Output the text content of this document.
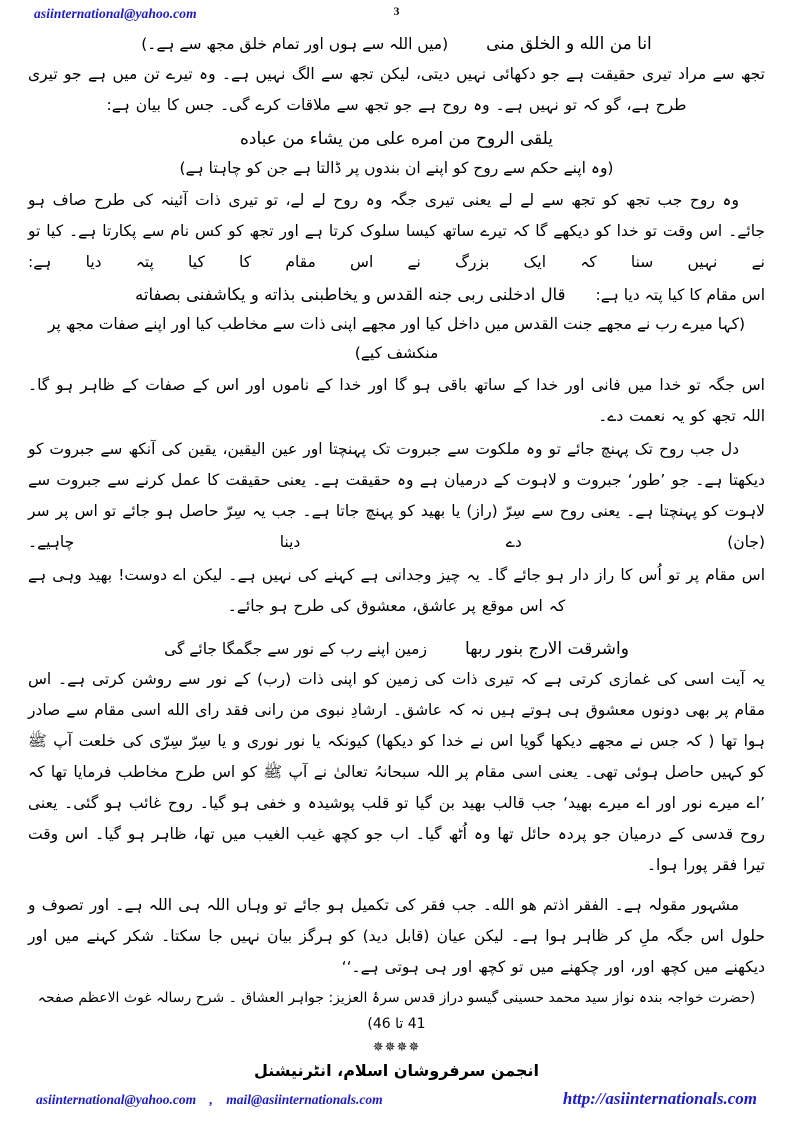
asiinternational@yahoo.com	3
انا من الله و الخلق منى
(میں اللہ سے ہوں اور تمام خلق مجھ سے ہے۔)

تجھ سے مراد تیری حقیقت ہے جو دکھائی نہیں دیتی، لیکن تجھ سے الگ نہیں ہے۔ وہ تیرے تن میں ہے جو تیری طرح ہے، گو کہ تو نہیں ہے۔ وہ روح ہے جو تجھ سے ملاقات کرے گی۔ جس کا بیان ہے:

يلقى الروح من امره على من يشاء من عباده
(وہ اپنے حکم سے روح کو اپنے ان بندوں پر ڈالتا ہے جن کو چاہتا ہے)

وہ روح جب تجھ کو تجھ سے لے لے یعنی تیری جگہ وہ روح لے لے، تو تیری ذات آئینہ کی طرح صاف ہو جائے۔ اس وقت تو خدا کو دیکھے گا کہ تیرے ساتھ کیسا سلوک کرتا ہے اور تجھ کو کس نام سے پکارتا ہے۔ کیا تو نے نہیں سنا کہ ایک بزرگ نے اس مقام کا کیا پتہ دیا ہے:

اس مقام کا کیا پتہ دیا ہے:
قال ادخلنى ربى جنه القدس و يخاطبنى بذاته و يكاشفنى بصفاته
(کہا میرے رب نے مجھے جنت القدس میں داخل کیا اور مجھے اپنی ذات سے مخاطب کیا اور اپنے صفات مجھ پر منکشف کیے)

اس جگہ تو خدا میں فانی اور خدا کے ساتھ باقی ہو گا اور خدا کے ناموں اور اس کے صفات کے ظاہر ہو گا۔ اللہ تجھ کو یہ نعمت دے۔

دل جب روح تک پہنچ جائے تو وہ ملکوت سے جبروت تک پہنچتا اور عین الیقین، یقین کی آنکھ سے جبروت کو دیکھتا ہے۔ جو ’طور‘ جبروت و لاہوت کے درمیان ہے وہ حقیقت ہے۔ یعنی حقیقت کا عمل کرنے سے جبروت سے لاہوت کو پہنچتا ہے۔ یعنی روح سے سِرّ (راز) یا بھید کو پہنچ جاتا ہے۔ جب یہ سِرّ حاصل ہو جائے تو اس پر سر (جان) دے دینا چاہیے۔

اس مقام پر تو اُس کا راز دار ہو جائے گا۔ یہ چیز وجدانی ہے کہنے کی نہیں ہے۔ لیکن اے دوست! بھید وہی ہے کہ اس موقع پر عاشق، معشوق کی طرح ہو جائے۔

واشرقت الارج بنور ربها
زمین اپنے رب کے نور سے جگمگا جائے گی

یہ آیت اسی کی غمازی کرتی ہے کہ تیری ذات کی زمین کو اپنی ذات (رب) کے نور سے روشن کرتی ہے۔ اس مقام پر بھی دونوں معشوق ہی ہوتے ہیں نہ کہ عاشق۔ ارشادِ نبوی من رانى فقد راى الله اسی مقام سے صادر ہوا تھا ( کہ جس نے مجھے دیکھا گویا اس نے خدا کو دیکھا) کیونکہ یا نور نوری و یا سِرّ سِرّی کی خلعت آپ ﷺ کو کہیں حاصل ہوئی تھی۔ یعنی اسی مقام پر اللہ سبحانہُ تعالیٰ نے آپ ﷺ کو اس طرح مخاطب فرمایا تھا کہ ’اے میرے نور اور اے میرے بھید‘ جب قالب بھید بن گیا تو قلب پوشیدہ و خفی ہو گیا۔ روح غائب ہو گئی۔ یعنی روح قدسی کے درمیان جو پردہ حائل تھا وہ اُٹھ گیا۔ اب جو کچھ غیب الغیب میں تھا، ظاہر ہو گیا۔ اس وقت تیرا فقر پورا ہوا۔

مشہور مقولہ ہے۔ الفقر اذتم هو الله۔ جب فقر کی تکمیل ہو جائے تو وہاں اللہ ہی اللہ ہے۔ اور تصوف و حلول اس جگہ ملِ کر ظاہر ہوا ہے۔ لیکن عیان (قابل دید) کو ہرگز بیان نہیں جا سکتا۔ شکر کہنے میں اور دیکھنے میں کچھ اور، اور چکھنے میں تو کچھ اور ہی ہوتی ہے۔‘‘

(حضرت خواجہ بندہ نواز سید محمد حسینی گیسو دراز قدس سرۂ العزیز: جواہر العشاق ۔ شرح رسالہ غوث الاعظم صفحہ 41 تا 46)
✵✵✵✵
انجمن سرفروشان اسلام، انٹرنیشنل
asiinternational@yahoo.com , mail@asiinternationals.com	http://asiinternationals.com
